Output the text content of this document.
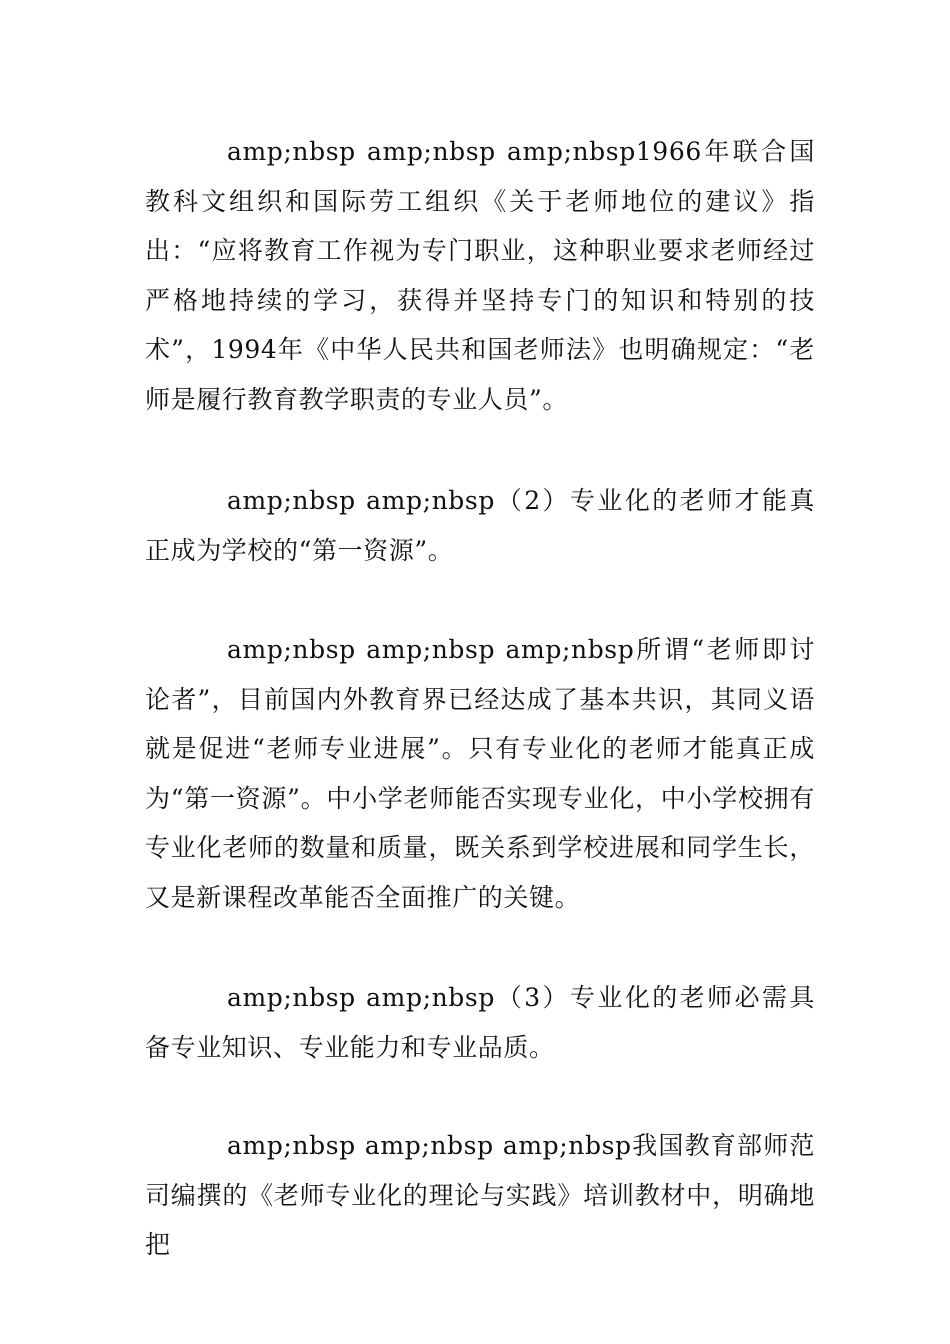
amp;nbsp amp;nbsp amp;nbsp1966年联合国教科文组织和国际劳工组织《关于老师地位的建议》指出：“应将教育工作视为专门职业，这种职业要求老师经过严格地持续的学习，获得并坚持专门的知识和特别的技术”，1994年《中华人民共和国老师法》也明确规定：“老师是履行教育教学职责的专业人员”。

amp;nbsp amp;nbsp（2）专业化的老师才能真正成为学校的“第一资源”。

amp;nbsp amp;nbsp amp;nbsp所谓“老师即讨论者”，目前国内外教育界已经达成了基本共识，其同义语就是促进“老师专业进展”。只有专业化的老师才能真正成为“第一资源”。中小学老师能否实现专业化，中小学校拥有专业化老师的数量和质量，既关系到学校进展和同学生长，又是新课程改革能否全面推广的关键。

amp;nbsp amp;nbsp（3）专业化的老师必需具备专业知识、专业能力和专业品质。

amp;nbsp amp;nbsp amp;nbsp我国教育部师范司编撰的《老师专业化的理论与实践》培训教材中，明确地把
